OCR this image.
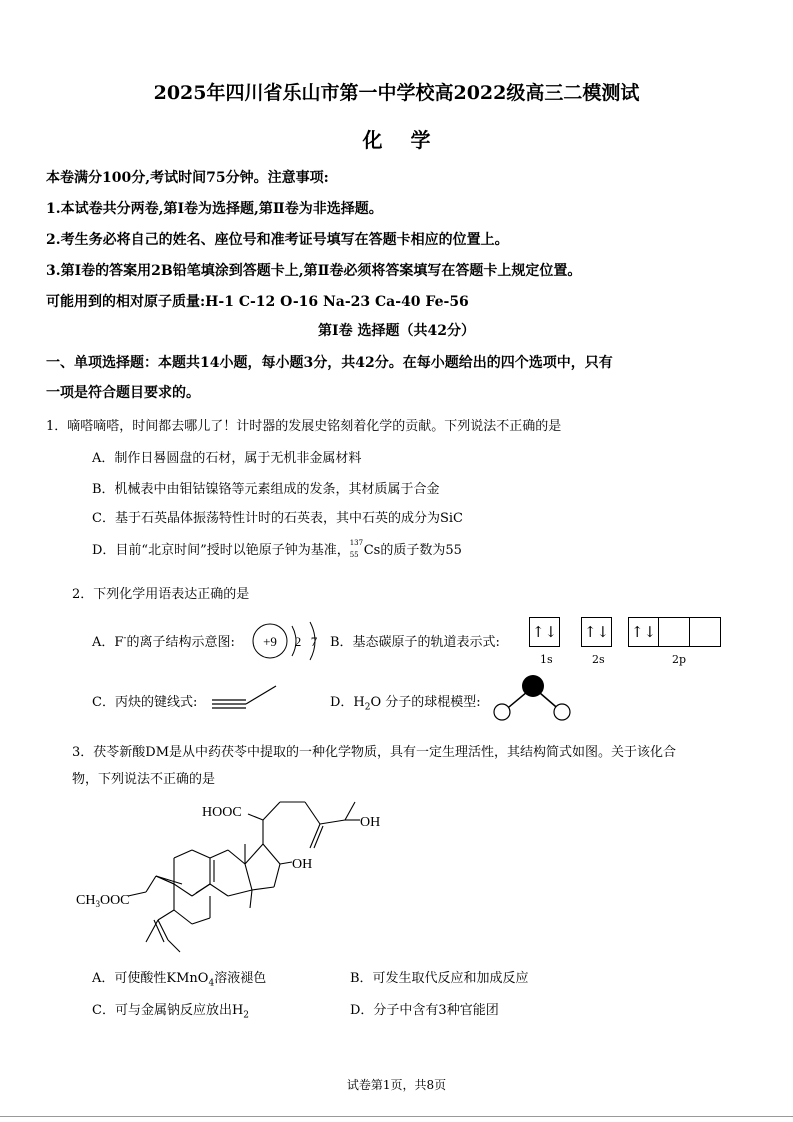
2025年四川省乐山市第一中学校高2022级高三二模测试
化学
本卷满分100分,考试时间75分钟。注意事项:
1.本试卷共分两卷,第Ⅰ卷为选择题,第Ⅱ卷为非选择题。
2.考生务必将自己的姓名、座位号和准考证号填写在答题卡相应的位置上。
3.第Ⅰ卷的答案用2B铅笔填涂到答题卡上,第Ⅱ卷必须将答案填写在答题卡上规定位置。
可能用到的相对原子质量:H-1 C-12 O-16 Na-23 Ca-40 Fe-56
第Ⅰ卷 选择题（共42分）
一、单项选择题：本题共14小题，每小题3分，共42分。在每小题给出的四个选项中，只有
一项是符合题目要求的。
1．嘀嗒嘀嗒，时间都去哪儿了！计时器的发展史铭刻着化学的贡献。下列说法不正确的是
A．制作日晷圆盘的石材，属于无机非金属材料
B．机械表中由钼钴镍铬等元素组成的发条，其材质属于合金
C．基于石英晶体振荡特性计时的石英表，其中石英的成分为SiC
D．目前“北京时间”授时以铯原子钟为基准，
137
55 Cs的质子数为55
2．下列化学用语表达正确的是
A．F-的离子结构示意图: +9 2 7 B．基态碳原子的轨道表示式:
↑↓ ↑↓ ↑↓
1s	2s	2p
C．丙炔的键线式:	D．$H_2O$ 分子的球棍模型:
3．茯苓新酸DM是从中药茯苓中提取的一种化学物质，具有一定生理活性，其结构简式如图。关于该化合
物，下列说法不正确的是
HOOC
OH
OH
$CH_3OOC$
A．可使酸性KMnO$_4$溶液褪色	B．可发生取代反应和加成反应
C．可与金属钠反应放出$H_2$	D．分子中含有3种官能团
试卷第1页，共8页
